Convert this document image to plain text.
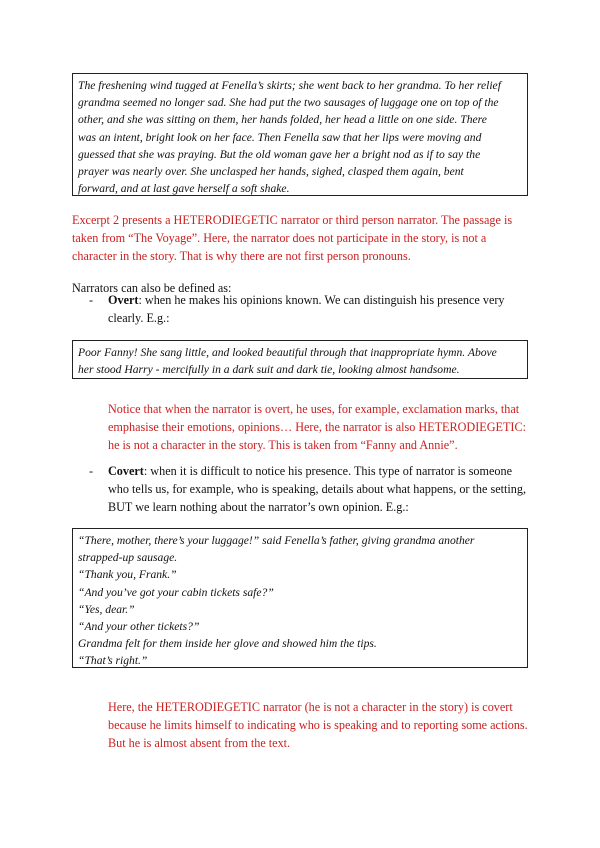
The freshening wind tugged at Fenella’s skirts; she went back to her grandma. To her relief
grandma seemed no longer sad. She had put the two sausages of luggage one on top of the
other, and she was sitting on them, her hands folded, her head a little on one side. There
was an intent, bright look on her face. Then Fenella saw that her lips were moving and
guessed that she was praying. But the old woman gave her a bright nod as if to say the
prayer was nearly over. She unclasped her hands, sighed, clasped them again, bent
forward, and at last gave herself a soft shake.
Excerpt 2 presents a HETERODIEGETIC narrator or third person narrator. The passage is
taken from “The Voyage”. Here, the narrator does not participate in the story, is not a
character in the story. That is why there are not first person pronouns.
Narrators can also be defined as:
- Overt: when he makes his opinions known. We can distinguish his presence very
clearly. E.g.:
Poor Fanny! She sang little, and looked beautiful through that inappropriate hymn. Above
her stood Harry - mercifully in a dark suit and dark tie, looking almost handsome.
Notice that when the narrator is overt, he uses, for example, exclamation marks, that
emphasise their emotions, opinions… Here, the narrator is also HETERODIEGETIC:
he is not a character in the story. This is taken from “Fanny and Annie”.
- Covert: when it is difficult to notice his presence. This type of narrator is someone
who tells us, for example, who is speaking, details about what happens, or the setting,
BUT we learn nothing about the narrator’s own opinion. E.g.:
“There, mother, there’s your luggage!” said Fenella’s father, giving grandma another
strapped-up sausage.
“Thank you, Frank.”
“And you’ve got your cabin tickets safe?”
“Yes, dear.”
“And your other tickets?”
Grandma felt for them inside her glove and showed him the tips.
“That’s right.”
Here, the HETERODIEGETIC narrator (he is not a character in the story) is covert
because he limits himself to indicating who is speaking and to reporting some actions.
But he is almost absent from the text.
